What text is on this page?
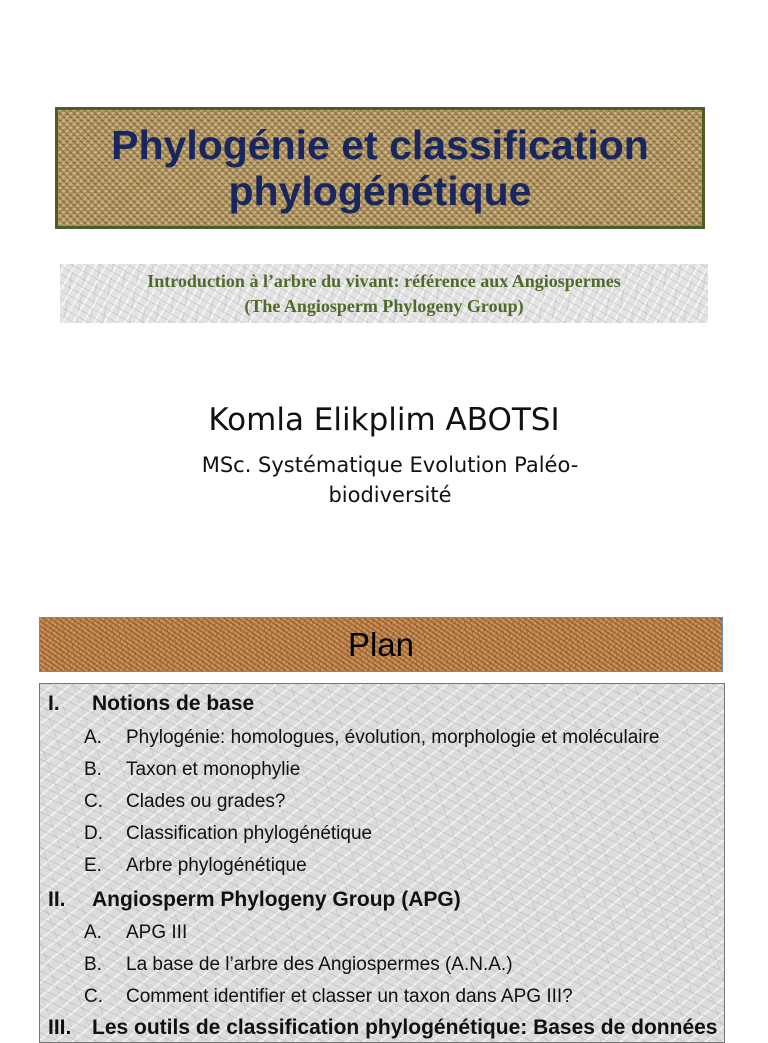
Phylogénie et classification
phylogénétique
Introduction à l’arbre du vivant: référence aux Angiospermes
(The Angiosperm Phylogeny Group)
Komla Elikplim ABOTSI
MSc. Systématique Evolution Paléo-
biodiversité
Plan
I. Notions de base
A. Phylogénie: homologues, évolution, morphologie et moléculaire
B. Taxon et monophylie
C. Clades ou grades?
D. Classification phylogénétique
E. Arbre phylogénétique
II. Angiosperm Phylogeny Group (APG)
A. APG III
B. La base de l’arbre des Angiospermes (A.N.A.)
C. Comment identifier et classer un taxon dans APG III?
III. Les outils de classification phylogénétique: Bases de données
